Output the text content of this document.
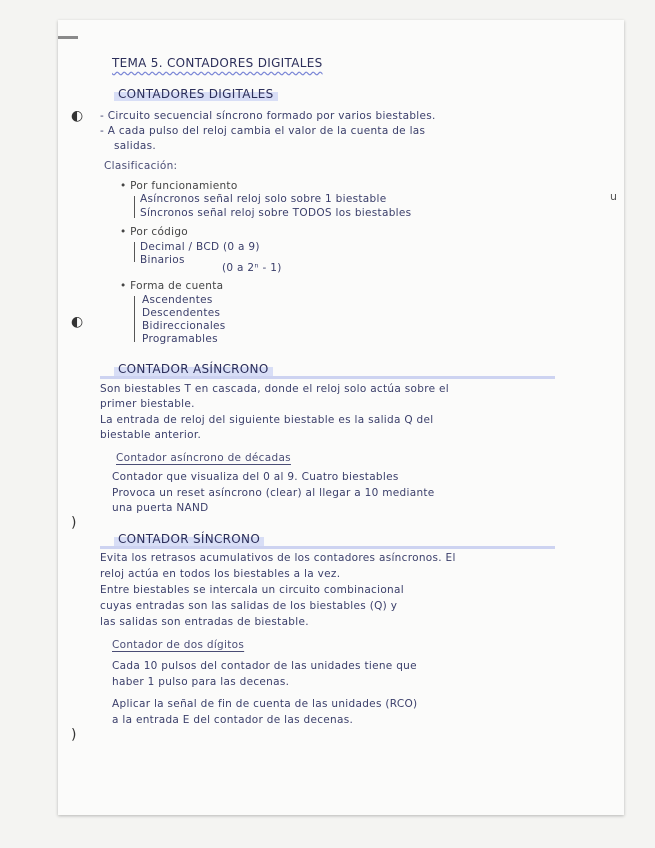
◐
◐
)
)
u
TEMA 5. CONTADORES DIGITALES
CONTADORES DIGITALES
- Circuito secuencial síncrono formado por varios biestables.
- A cada pulso del reloj cambia el valor de la cuenta de las
salidas.
Clasificación:
• Por funcionamiento
Asíncronos señal reloj solo sobre 1 biestable
Síncronos señal reloj sobre TODOS los biestables
• Por código
Decimal / BCD (0 a 9)
Binarios
(0 a 2ⁿ - 1)
• Forma de cuenta
Ascendentes
Descendentes
Bidireccionales
Programables
CONTADOR ASÍNCRONO
Son biestables T en cascada, donde el reloj solo actúa sobre el
primer biestable.
La entrada de reloj del siguiente biestable es la salida Q del
biestable anterior.
Contador asíncrono de décadas
Contador que visualiza del 0 al 9. Cuatro biestables
Provoca un reset asíncrono (clear) al llegar a 10 mediante
una puerta NAND
CONTADOR SÍNCRONO
Evita los retrasos acumulativos de los contadores asíncronos. El
reloj actúa en todos los biestables a la vez.
Entre biestables se intercala un circuito combinacional
cuyas entradas son las salidas de los biestables (Q) y
las salidas son entradas de biestable.
Contador de dos dígitos
Cada 10 pulsos del contador de las unidades tiene que
haber 1 pulso para las decenas.
Aplicar la señal de fin de cuenta de las unidades (RCO)
a la entrada E del contador de las decenas.
